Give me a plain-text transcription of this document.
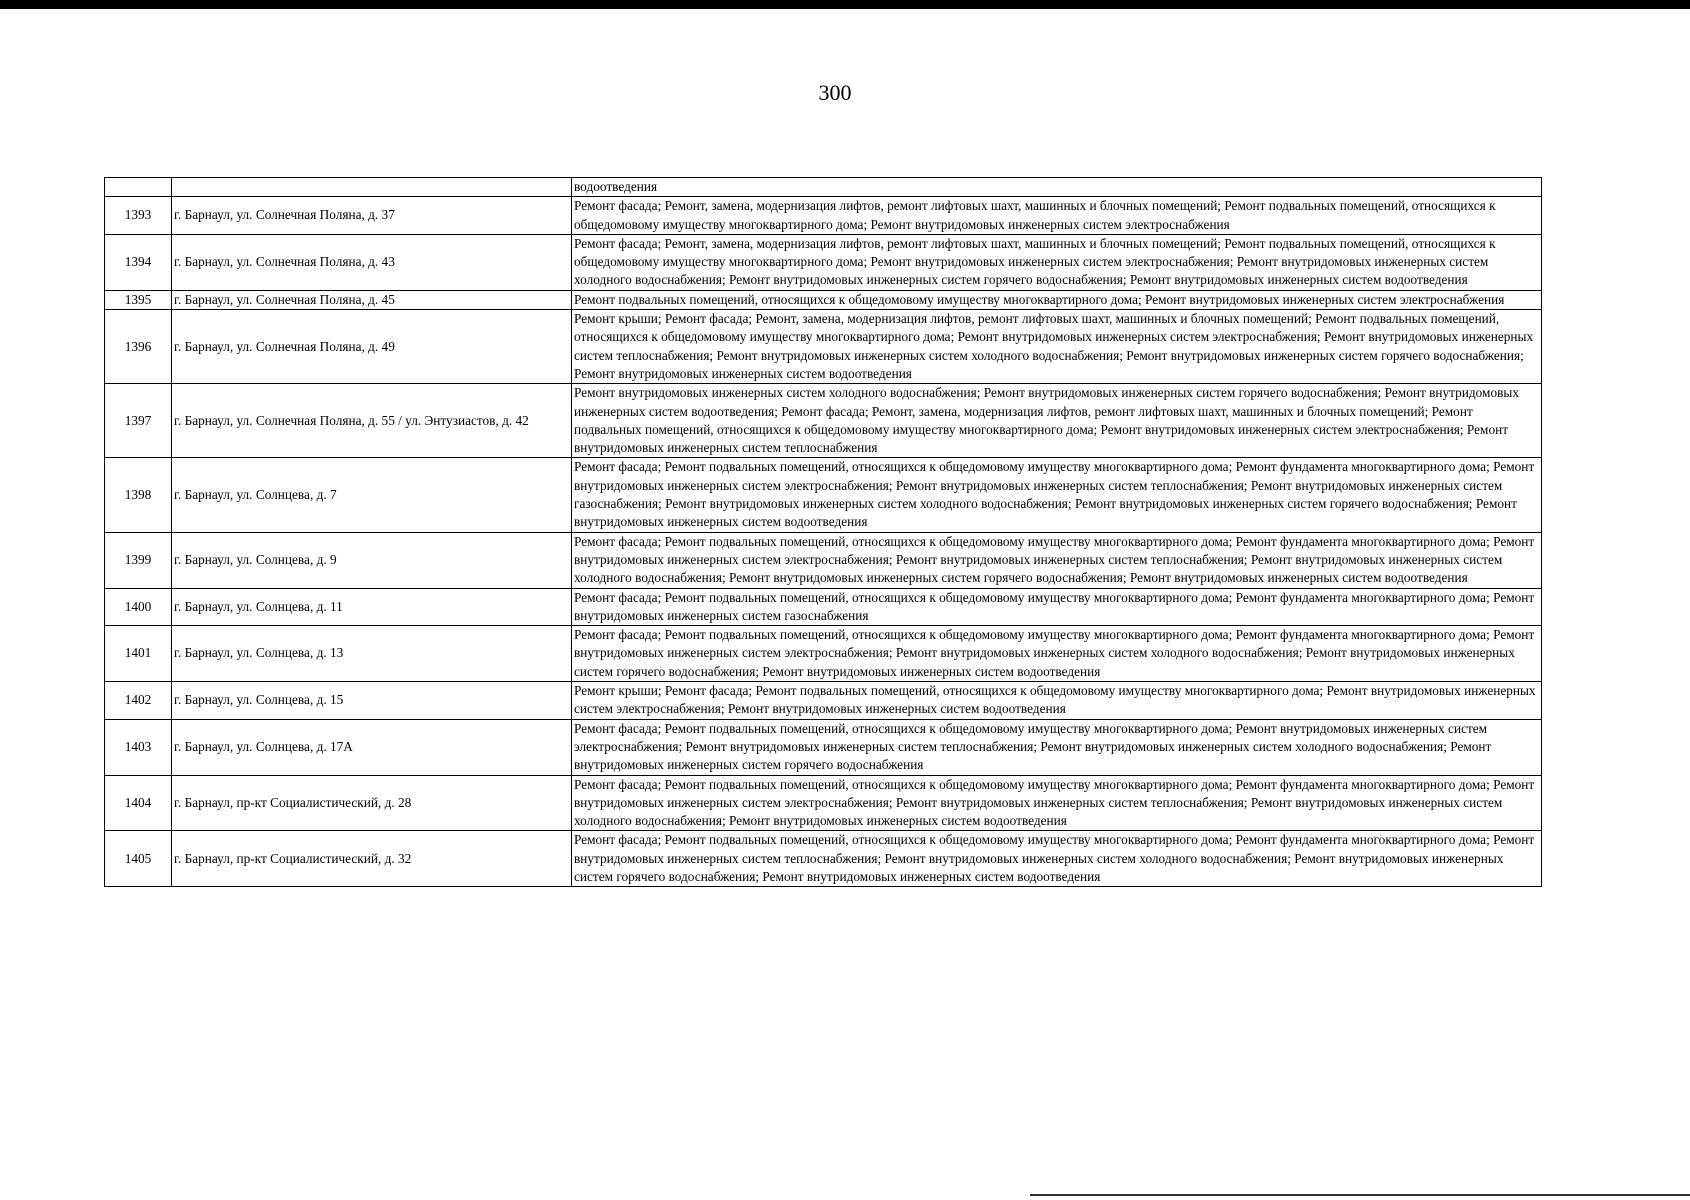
300
		водоотведения
1393	г. Барнаул, ул. Солнечная Поляна, д. 37	Ремонт фасада; Ремонт, замена, модернизация лифтов, ремонт лифтовых шахт, машинных и блочных помещений; Ремонт подвальных помещений, относящихся к общедомовому имуществу многоквартирного дома; Ремонт внутридомовых инженерных систем электроснабжения
1394	г. Барнаул, ул. Солнечная Поляна, д. 43	Ремонт фасада; Ремонт, замена, модернизация лифтов, ремонт лифтовых шахт, машинных и блочных помещений; Ремонт подвальных помещений, относящихся к общедомовому имуществу многоквартирного дома; Ремонт внутридомовых инженерных систем электроснабжения; Ремонт внутридомовых инженерных систем холодного водоснабжения; Ремонт внутридомовых инженерных систем горячего водоснабжения; Ремонт внутридомовых инженерных систем водоотведения
1395	г. Барнаул, ул. Солнечная Поляна, д. 45	Ремонт подвальных помещений, относящихся к общедомовому имуществу многоквартирного дома; Ремонт внутридомовых инженерных систем электроснабжения
1396	г. Барнаул, ул. Солнечная Поляна, д. 49	Ремонт крыши; Ремонт фасада; Ремонт, замена, модернизация лифтов, ремонт лифтовых шахт, машинных и блочных помещений; Ремонт подвальных помещений, относящихся к общедомовому имуществу многоквартирного дома; Ремонт внутридомовых инженерных систем электроснабжения; Ремонт внутридомовых инженерных систем теплоснабжения; Ремонт внутридомовых инженерных систем холодного водоснабжения; Ремонт внутридомовых инженерных систем горячего водоснабжения; Ремонт внутридомовых инженерных систем водоотведения
1397	г. Барнаул, ул. Солнечная Поляна, д. 55 / ул. Энтузиастов, д. 42	Ремонт внутридомовых инженерных систем холодного водоснабжения; Ремонт внутридомовых инженерных систем горячего водоснабжения; Ремонт внутридомовых инженерных систем водоотведения; Ремонт фасада; Ремонт, замена, модернизация лифтов, ремонт лифтовых шахт, машинных и блочных помещений; Ремонт подвальных помещений, относящихся к общедомовому имуществу многоквартирного дома; Ремонт внутридомовых инженерных систем электроснабжения; Ремонт внутридомовых инженерных систем теплоснабжения
1398	г. Барнаул, ул. Солнцева, д. 7	Ремонт фасада; Ремонт подвальных помещений, относящихся к общедомовому имуществу многоквартирного дома; Ремонт фундамента многоквартирного дома; Ремонт внутридомовых инженерных систем электроснабжения; Ремонт внутридомовых инженерных систем теплоснабжения; Ремонт внутридомовых инженерных систем газоснабжения; Ремонт внутридомовых инженерных систем холодного водоснабжения; Ремонт внутридомовых инженерных систем горячего водоснабжения; Ремонт внутридомовых инженерных систем водоотведения
1399	г. Барнаул, ул. Солнцева, д. 9	Ремонт фасада; Ремонт подвальных помещений, относящихся к общедомовому имуществу многоквартирного дома; Ремонт фундамента многоквартирного дома; Ремонт внутридомовых инженерных систем электроснабжения; Ремонт внутридомовых инженерных систем теплоснабжения; Ремонт внутридомовых инженерных систем холодного водоснабжения; Ремонт внутридомовых инженерных систем горячего водоснабжения; Ремонт внутридомовых инженерных систем водоотведения
1400	г. Барнаул, ул. Солнцева, д. 11	Ремонт фасада; Ремонт подвальных помещений, относящихся к общедомовому имуществу многоквартирного дома; Ремонт фундамента многоквартирного дома; Ремонт внутридомовых инженерных систем газоснабжения
1401	г. Барнаул, ул. Солнцева, д. 13	Ремонт фасада; Ремонт подвальных помещений, относящихся к общедомовому имуществу многоквартирного дома; Ремонт фундамента многоквартирного дома; Ремонт внутридомовых инженерных систем электроснабжения; Ремонт внутридомовых инженерных систем холодного водоснабжения; Ремонт внутридомовых инженерных систем горячего водоснабжения; Ремонт внутридомовых инженерных систем водоотведения
1402	г. Барнаул, ул. Солнцева, д. 15	Ремонт крыши; Ремонт фасада; Ремонт подвальных помещений, относящихся к общедомовому имуществу многоквартирного дома; Ремонт внутридомовых инженерных систем электроснабжения; Ремонт внутридомовых инженерных систем водоотведения
1403	г. Барнаул, ул. Солнцева, д. 17А	Ремонт фасада; Ремонт подвальных помещений, относящихся к общедомовому имуществу многоквартирного дома; Ремонт внутридомовых инженерных систем электроснабжения; Ремонт внутридомовых инженерных систем теплоснабжения; Ремонт внутридомовых инженерных систем холодного водоснабжения; Ремонт внутридомовых инженерных систем горячего водоснабжения
1404	г. Барнаул, пр-кт Социалистический, д. 28	Ремонт фасада; Ремонт подвальных помещений, относящихся к общедомовому имуществу многоквартирного дома; Ремонт фундамента многоквартирного дома; Ремонт внутридомовых инженерных систем электроснабжения; Ремонт внутридомовых инженерных систем теплоснабжения; Ремонт внутридомовых инженерных систем холодного водоснабжения; Ремонт внутридомовых инженерных систем водоотведения
1405	г. Барнаул, пр-кт Социалистический, д. 32	Ремонт фасада; Ремонт подвальных помещений, относящихся к общедомовому имуществу многоквартирного дома; Ремонт фундамента многоквартирного дома; Ремонт внутридомовых инженерных систем теплоснабжения; Ремонт внутридомовых инженерных систем холодного водоснабжения; Ремонт внутридомовых инженерных систем горячего водоснабжения; Ремонт внутридомовых инженерных систем водоотведения
